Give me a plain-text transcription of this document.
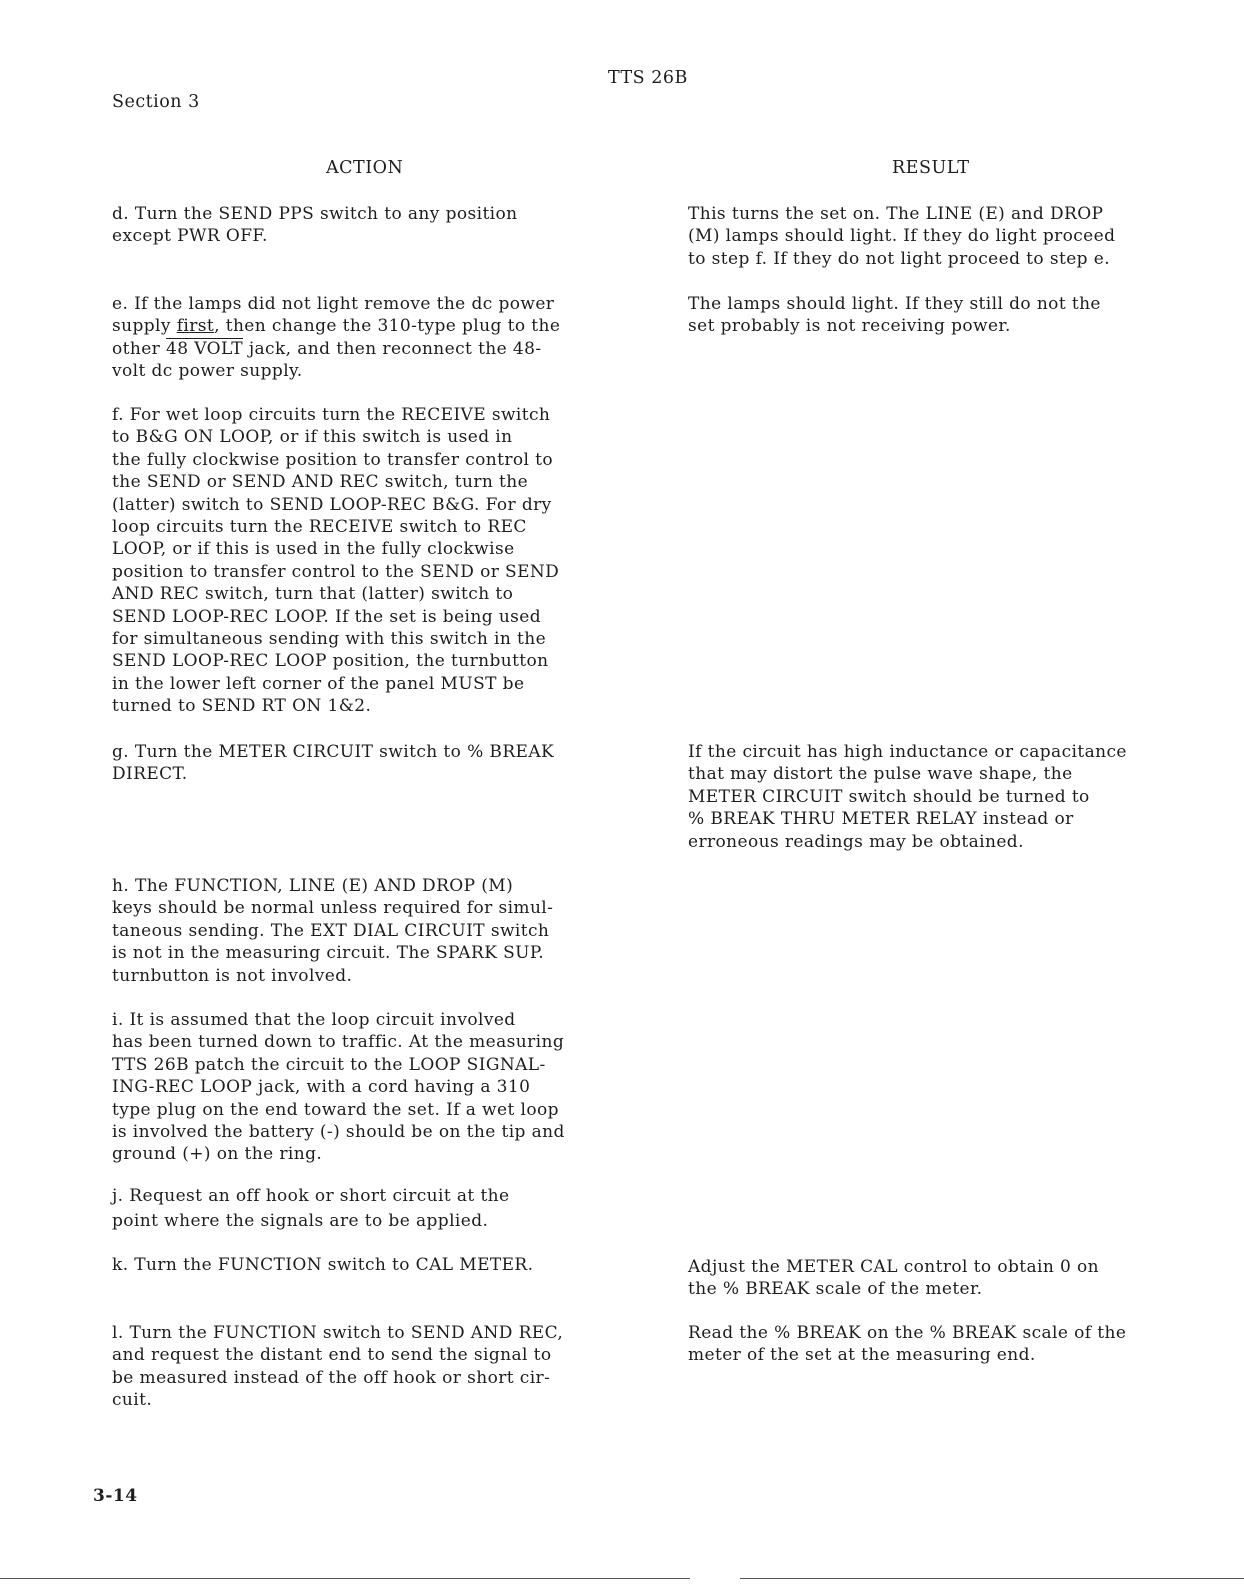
TTS 26B
Section 3
ACTION	RESULT
d. Turn the SEND PPS switch to any position
except PWR OFF.
This turns the set on. The LINE (E) and DROP
(M) lamps should light. If they do light proceed
to step f. If they do not light proceed to step e.
e. If the lamps did not light remove the dc power
supply first, then change the 310-type plug to the
other 48 VOLT jack, and then reconnect the 48-
volt dc power supply.
The lamps should light. If they still do not the
set probably is not receiving power.
f. For wet loop circuits turn the RECEIVE switch
to B&G ON LOOP, or if this switch is used in
the fully clockwise position to transfer control to
the SEND or SEND AND REC switch, turn the
(latter) switch to SEND LOOP-REC B&G. For dry
loop circuits turn the RECEIVE switch to REC
LOOP, or if this is used in the fully clockwise
position to transfer control to the SEND or SEND
AND REC switch, turn that (latter) switch to
SEND LOOP-REC LOOP. If the set is being used
for simultaneous sending with this switch in the
SEND LOOP-REC LOOP position, the turnbutton
in the lower left corner of the panel MUST be
turned to SEND RT ON 1&2.
g. Turn the METER CIRCUIT switch to % BREAK
DIRECT.
If the circuit has high inductance or capacitance
that may distort the pulse wave shape, the
METER CIRCUIT switch should be turned to
% BREAK THRU METER RELAY instead or
erroneous readings may be obtained.
h. The FUNCTION, LINE (E) AND DROP (M)
keys should be normal unless required for simul-
taneous sending. The EXT DIAL CIRCUIT switch
is not in the measuring circuit. The SPARK SUP.
turnbutton is not involved.
i. It is assumed that the loop circuit involved
has been turned down to traffic. At the measuring
TTS 26B patch the circuit to the LOOP SIGNAL-
ING-REC LOOP jack, with a cord having a 310
type plug on the end toward the set. If a wet loop
is involved the battery (-) should be on the tip and
ground (+) on the ring.
j. Request an off hook or short circuit at the
point where the signals are to be applied.
k. Turn the FUNCTION switch to CAL METER.	Adjust the METER CAL control to obtain 0 on
the % BREAK scale of the meter.
l. Turn the FUNCTION switch to SEND AND REC,
and request the distant end to send the signal to
be measured instead of the off hook or short cir-
cuit.
Read the % BREAK on the % BREAK scale of the
meter of the set at the measuring end.
3-14
